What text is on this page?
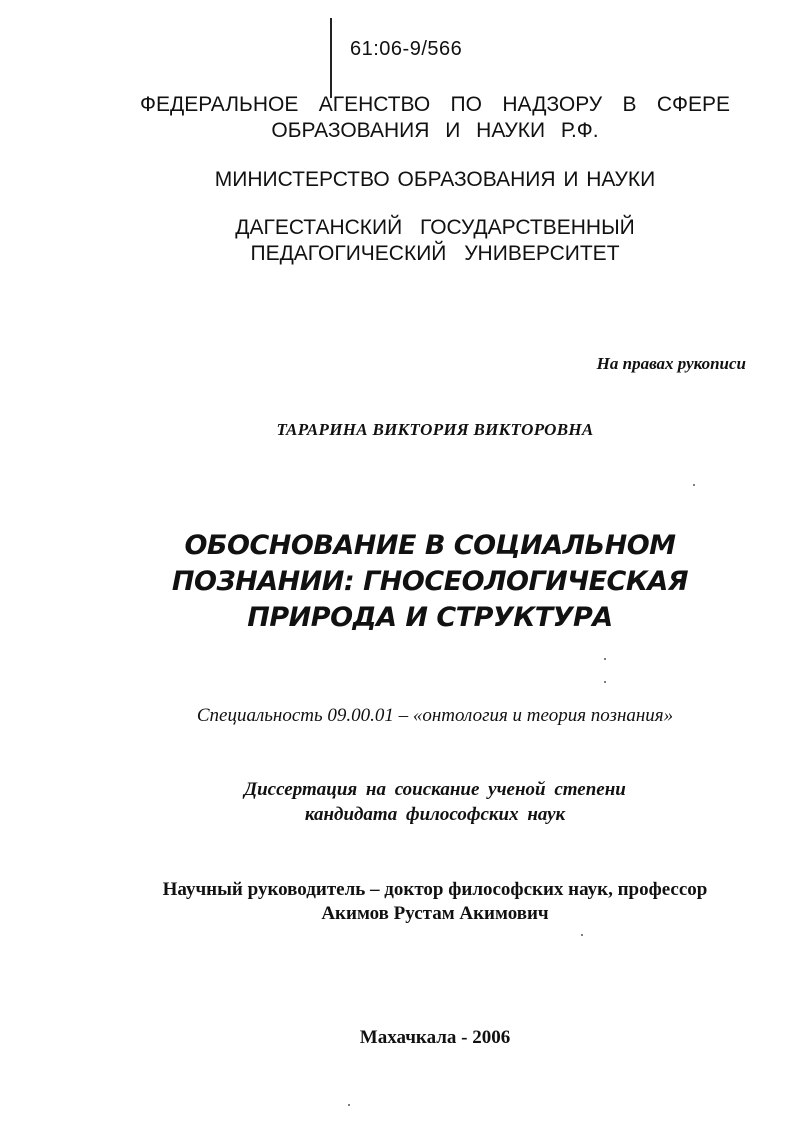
61:06-9/566

ФЕДЕРАЛЬНОЕ АГЕНСТВО ПО НАДЗОРУ В СФЕРЕ

ОБРАЗОВАНИЯ И НАУКИ Р.Ф.

МИНИСТЕРСТВО ОБРАЗОВАНИЯ И НАУКИ

ДАГЕСТАНСКИЙ ГОСУДАРСТВЕННЫЙ

ПЕДАГОГИЧЕСКИЙ УНИВЕРСИТЕТ

На правах рукописи

ТАРАРИНА ВИКТОРИЯ ВИКТОРОВНА

ОБОСНОВАНИЕ В СОЦИАЛЬНОМ

ПОЗНАНИИ: ГНОСЕОЛОГИЧЕСКАЯ

ПРИРОДА И СТРУКТУРА

Специальность 09.00.01 – «онтология и теория познания»

Диссертация на соискание ученой степени

кандидата философских наук

Научный руководитель – доктор философских наук, профессор

Акимов Рустам Акимович

Махачкала - 2006
